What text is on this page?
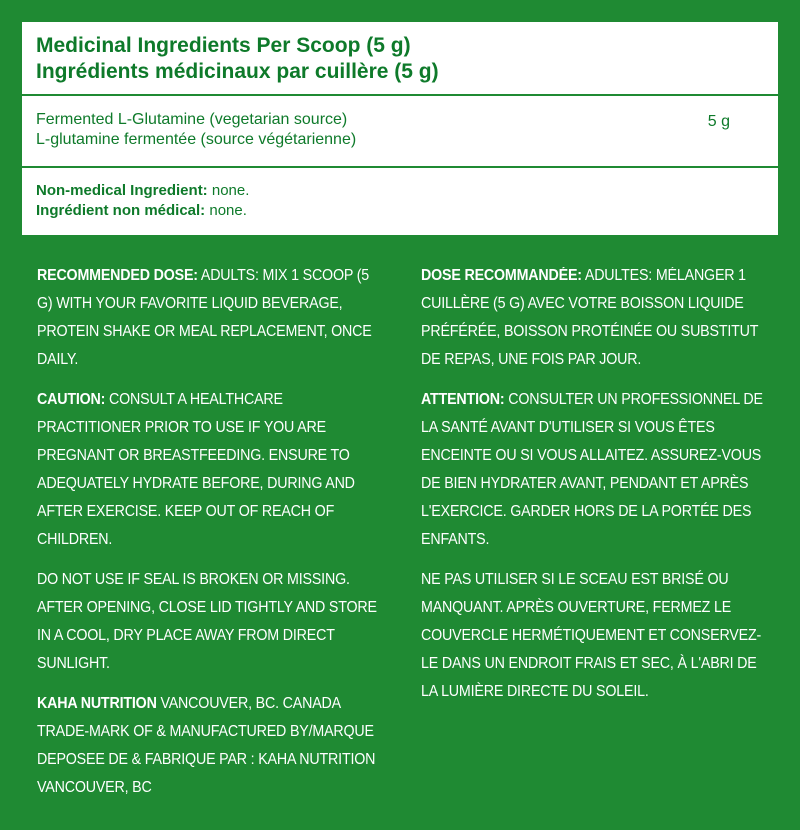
Medicinal Ingredients Per Scoop (5 g)
Ingrédients médicinaux par cuillère (5 g)
Fermented L-Glutamine (vegetarian source)
L-glutamine fermentée (source végétarienne)
5 g
Non-medical Ingredient: none.
Ingrédient non médical: none.

RECOMMENDED DOSE: ADULTS: MIX 1 SCOOP (5 G) WITH YOUR FAVORITE LIQUID BEVERAGE, PROTEIN SHAKE OR MEAL REPLACEMENT, ONCE DAILY.

CAUTION: CONSULT A HEALTHCARE PRACTITIONER PRIOR TO USE IF YOU ARE PREGNANT OR BREASTFEEDING. ENSURE TO ADEQUATELY HYDRATE BEFORE, DURING AND AFTER EXERCISE. KEEP OUT OF REACH OF CHILDREN.

DO NOT USE IF SEAL IS BROKEN OR MISSING. AFTER OPENING, CLOSE LID TIGHTLY AND STORE IN A COOL, DRY PLACE AWAY FROM DIRECT SUNLIGHT.

KAHA NUTRITION VANCOUVER, BC. CANADA TRADE-MARK OF & MANUFACTURED BY/MARQUE DEPOSEE DE & FABRIQUE PAR : KAHA NUTRITION VANCOUVER, BC

DOSE RECOMMANDÉE: ADULTES: MÉLANGER 1 CUILLÈRE (5 G) AVEC VOTRE BOISSON LIQUIDE PRÉFÉRÉE, BOISSON PROTÉINÉE OU SUBSTITUT DE REPAS, UNE FOIS PAR JOUR.

ATTENTION: CONSULTER UN PROFESSIONNEL DE LA SANTÉ AVANT D'UTILISER SI VOUS ÊTES ENCEINTE OU SI VOUS ALLAITEZ. ASSUREZ-VOUS DE BIEN HYDRATER AVANT, PENDANT ET APRÈS L'EXERCICE. GARDER HORS DE LA PORTÉE DES ENFANTS.

NE PAS UTILISER SI LE SCEAU EST BRISÉ OU MANQUANT. APRÈS OUVERTURE, FERMEZ LE COUVERCLE HERMÉTIQUEMENT ET CONSERVEZ-LE DANS UN ENDROIT FRAIS ET SEC, À L'ABRI DE LA LUMIÈRE DIRECTE DU SOLEIL.
